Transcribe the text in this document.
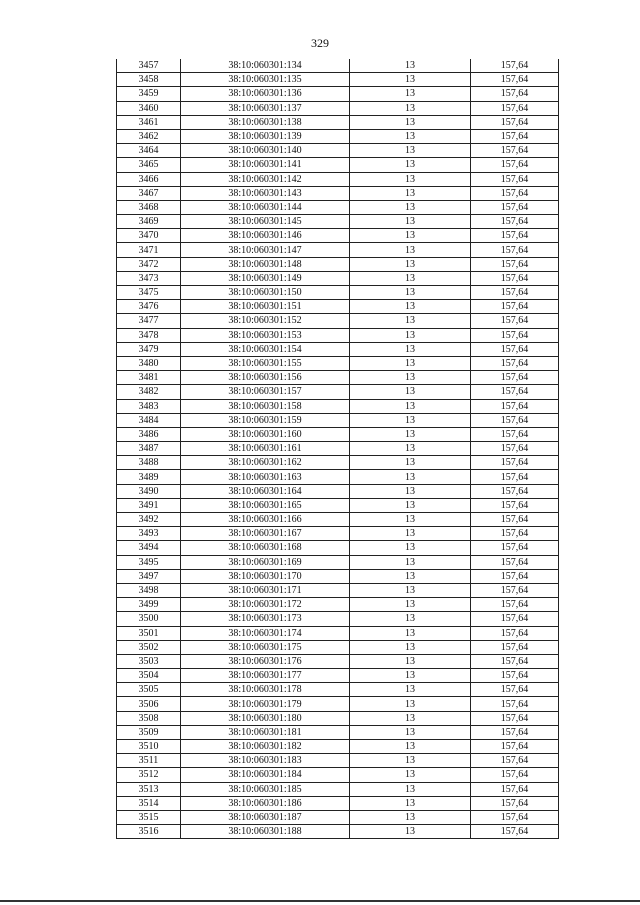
329
3457	38:10:060301:134	13	157,64
3458	38:10:060301:135	13	157,64
3459	38:10:060301:136	13	157,64
3460	38:10:060301:137	13	157,64
3461	38:10:060301:138	13	157,64
3462	38:10:060301:139	13	157,64
3464	38:10:060301:140	13	157,64
3465	38:10:060301:141	13	157,64
3466	38:10:060301:142	13	157,64
3467	38:10:060301:143	13	157,64
3468	38:10:060301:144	13	157,64
3469	38:10:060301:145	13	157,64
3470	38:10:060301:146	13	157,64
3471	38:10:060301:147	13	157,64
3472	38:10:060301:148	13	157,64
3473	38:10:060301:149	13	157,64
3475	38:10:060301:150	13	157,64
3476	38:10:060301:151	13	157,64
3477	38:10:060301:152	13	157,64
3478	38:10:060301:153	13	157,64
3479	38:10:060301:154	13	157,64
3480	38:10:060301:155	13	157,64
3481	38:10:060301:156	13	157,64
3482	38:10:060301:157	13	157,64
3483	38:10:060301:158	13	157,64
3484	38:10:060301:159	13	157,64
3486	38:10:060301:160	13	157,64
3487	38:10:060301:161	13	157,64
3488	38:10:060301:162	13	157,64
3489	38:10:060301:163	13	157,64
3490	38:10:060301:164	13	157,64
3491	38:10:060301:165	13	157,64
3492	38:10:060301:166	13	157,64
3493	38:10:060301:167	13	157,64
3494	38:10:060301:168	13	157,64
3495	38:10:060301:169	13	157,64
3497	38:10:060301:170	13	157,64
3498	38:10:060301:171	13	157,64
3499	38:10:060301:172	13	157,64
3500	38:10:060301:173	13	157,64
3501	38:10:060301:174	13	157,64
3502	38:10:060301:175	13	157,64
3503	38:10:060301:176	13	157,64
3504	38:10:060301:177	13	157,64
3505	38:10:060301:178	13	157,64
3506	38:10:060301:179	13	157,64
3508	38:10:060301:180	13	157,64
3509	38:10:060301:181	13	157,64
3510	38:10:060301:182	13	157,64
3511	38:10:060301:183	13	157,64
3512	38:10:060301:184	13	157,64
3513	38:10:060301:185	13	157,64
3514	38:10:060301:186	13	157,64
3515	38:10:060301:187	13	157,64
3516	38:10:060301:188	13	157,64
